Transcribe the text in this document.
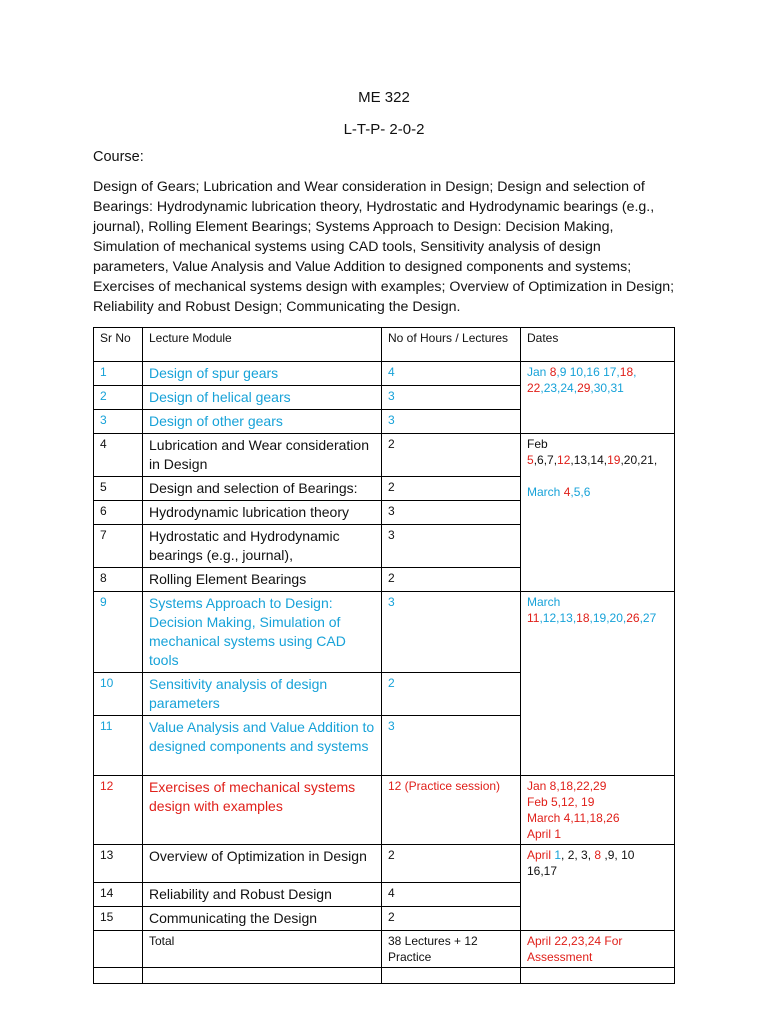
ME 322
L-T-P- 2-0-2
Course:
Design of Gears; Lubrication and Wear consideration in Design; Design and selection of Bearings: Hydrodynamic lubrication theory, Hydrostatic and Hydrodynamic bearings (e.g., journal), Rolling Element Bearings; Systems Approach to Design: Decision Making, Simulation of mechanical systems using CAD tools, Sensitivity analysis of design parameters, Value Analysis and Value Addition to designed components and systems; Exercises of mechanical systems design with examples; Overview of Optimization in Design; Reliability and Robust Design; Communicating the Design.
Sr No	Lecture Module	No of Hours / Lectures	Dates
1	Design of spur gears	4	Jan 8,9 10,16 17,18,
22,23,24,29,30,31

2	Design of helical gears	3	
3	Design of other gears	3	
4	Lubrication and Wear consideration in Design	2	Feb
5,6,7,12,13,14,19,20,21,
March 4,5,6

5	Design and selection of Bearings:	2	
6	Hydrodynamic lubrication theory	3	
7	Hydrostatic and Hydrodynamic bearings (e.g., journal),	3	
8	Rolling Element Bearings	2	
9	Systems Approach to Design: Decision Making, Simulation of mechanical systems using CAD tools	3	March
11,12,13,18,19,20,26,27

10	Sensitivity analysis of design parameters	2	
11	Value Analysis and Value Addition to designed components and systems	3	
12	Exercises of mechanical systems design with examples	12 (Practice session)	Jan 8,18,22,29
Feb 5,12, 19
March 4,11,18,26
April 1

13	Overview of Optimization in Design	2	April 1, 2, 3, 8 ,9, 10
16,17

14	Reliability and Robust Design	4	
15	Communicating the Design	2	
	Total	38 Lectures + 12 Practice	April 22,23,24 For Assessment
